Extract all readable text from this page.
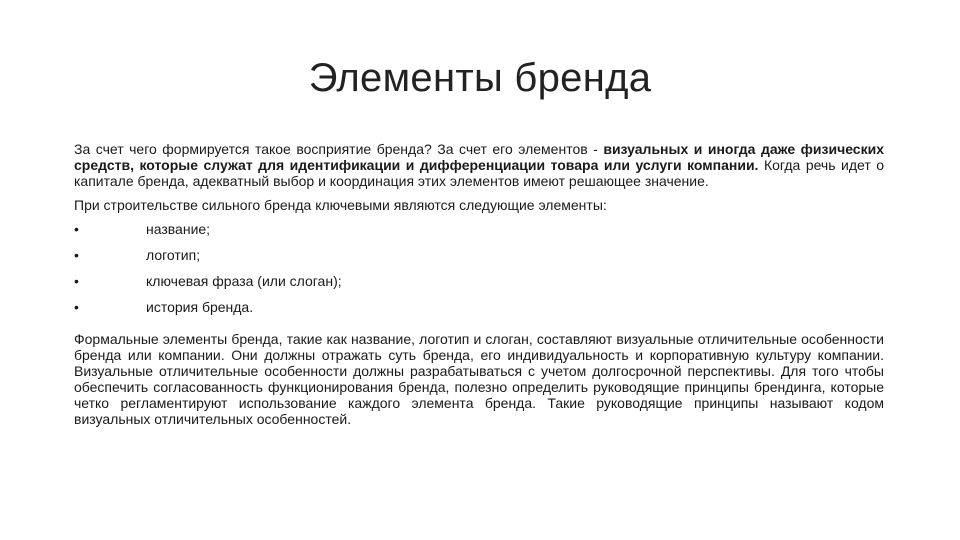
Элементы бренда

За счет чего формируется такое восприятие бренда? За счет его элементов - визуальных и иногда даже физических средств, которые служат для идентификации и дифференциации товара или услуги компании. Когда речь идет о капитале бренда, адекватный выбор и координация этих элементов имеют решающее значение.

При строительстве сильного бренда ключевыми являются следующие элементы:

•	название;
•	логотип;
•	ключевая фраза (или слоган);
•	история бренда.

Формальные элементы бренда, такие как название, логотип и слоган, составляют визуальные отличительные особенности бренда или компании. Они должны отражать суть бренда, его индивидуальность и корпоративную культуру компании. Визуальные отличительные особенности должны разрабатываться с учетом долгосрочной перспективы. Для того чтобы обеспечить согласованность функционирования бренда, полезно определить руководящие принципы брендинга, которые четко регламентируют использование каждого элемента бренда. Такие руководящие принципы называют кодом визуальных отличительных особенностей.
